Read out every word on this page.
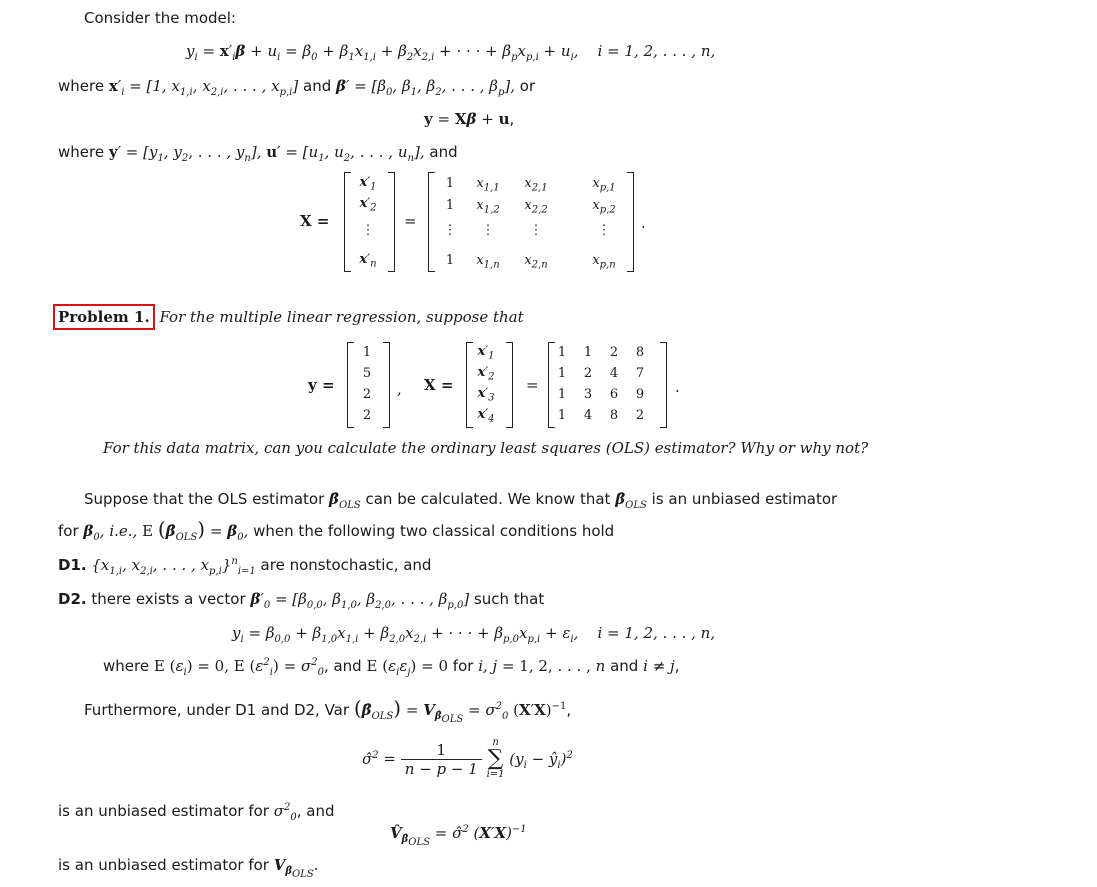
Consider the model:
$y_i = x'_i\beta + u_i = \beta_0 + \beta_1x_{1,i} + \beta_2x_{2,i}$ + · · · + $\beta_px_{p,i} + u_i$,    i = 1, 2, . . . , n,
where $x'_i = [1$, $x_{1,i}$, $x_{2,i}$, . . . , $x_{p,i}$] and $\beta' = [\beta_0$, $\beta_1$, $\beta_2$, . . . , $\beta_p$], or
y = Xβ + u,
where $y' = [y_1$, $y_2$, . . . , $y_n$], $u' = [u_1$, $u_2$, . . . , $u_n$], and
X =
$x'_1$
$x'_2$
⋮
$x'_n$
=
1	$x_{1,1}$	$x_{2,1}$	$x_{p,1}$
1	$x_{1,2}$	$x_{2,2}$	$x_{p,2}$
⋮	⋮	⋮	⋮
1	$x_{1,n}$	$x_{2,n}$	$x_{p,n}$
.
Problem 1. For the multiple linear regression, suppose that
y =
1
5
2
2
, X =
$x'_1$
$x'_2$
$x'_3$
$x'_4$
=
1 1 2 8
1 2 4 7
1 3 6 9
1 4 8 2
.
For this data matrix, can you calculate the ordinary least squares (OLS) estimator? Why or why not?
Suppose that the OLS estimator $\betâ_{OLS}$ can be calculated. We know that $\betâ_{OLS}$ is an unbiased estimator
for $\beta_0$, i.e., E $(\betâ_{OLS}) = \beta_0$, when the following two classical conditions hold
D1. {$x_{1,i}$, $x_{2,i}$, . . . , $x_{p,i}\}^n_{i=1}$ are nonstochastic, and
D2. there exists a vector $\beta'_0 = [\beta_{0,0}$, $\beta_{1,0}$, $\beta_{2,0}$, . . . , $\beta_{p,0}$] such that
$y_i = \beta_{0,0} + \beta_{1,0}x_{1,i} + \beta_{2,0}x_{2,i}$ + · · · + $\beta_{p,0}x_{p,i} + \varepsilon_i$,    i = 1, 2, . . . , n,
where E $(\varepsilon_i) = 0$, E $(\varepsilon^2_i) = \sigma^2_0$, and E $(\varepsilon_i\varepsilon_j) = 0$ for i, j = 1, 2, . . . , n and i ≠ j,
Furthermore, under D1 and D2, Var $(\betâ_{OLS}) = V_{\betâ_{OLS}} = \sigma^2_0$ $(X'X)^{-1}$,
σ̂$^2$ = $\frac{1}{n - p - 1}$
	n
∑
i=1
($y_i$ − $ŷ_i)^2$
is an unbiased estimator for $\sigma^2_0$, and
$V̂_{\betâ_{OLS}}$ = σ̂$^2$ $(X'X)^{-1}$
is an unbiased estimator for $V_{\betâ_{OLS}}$.
